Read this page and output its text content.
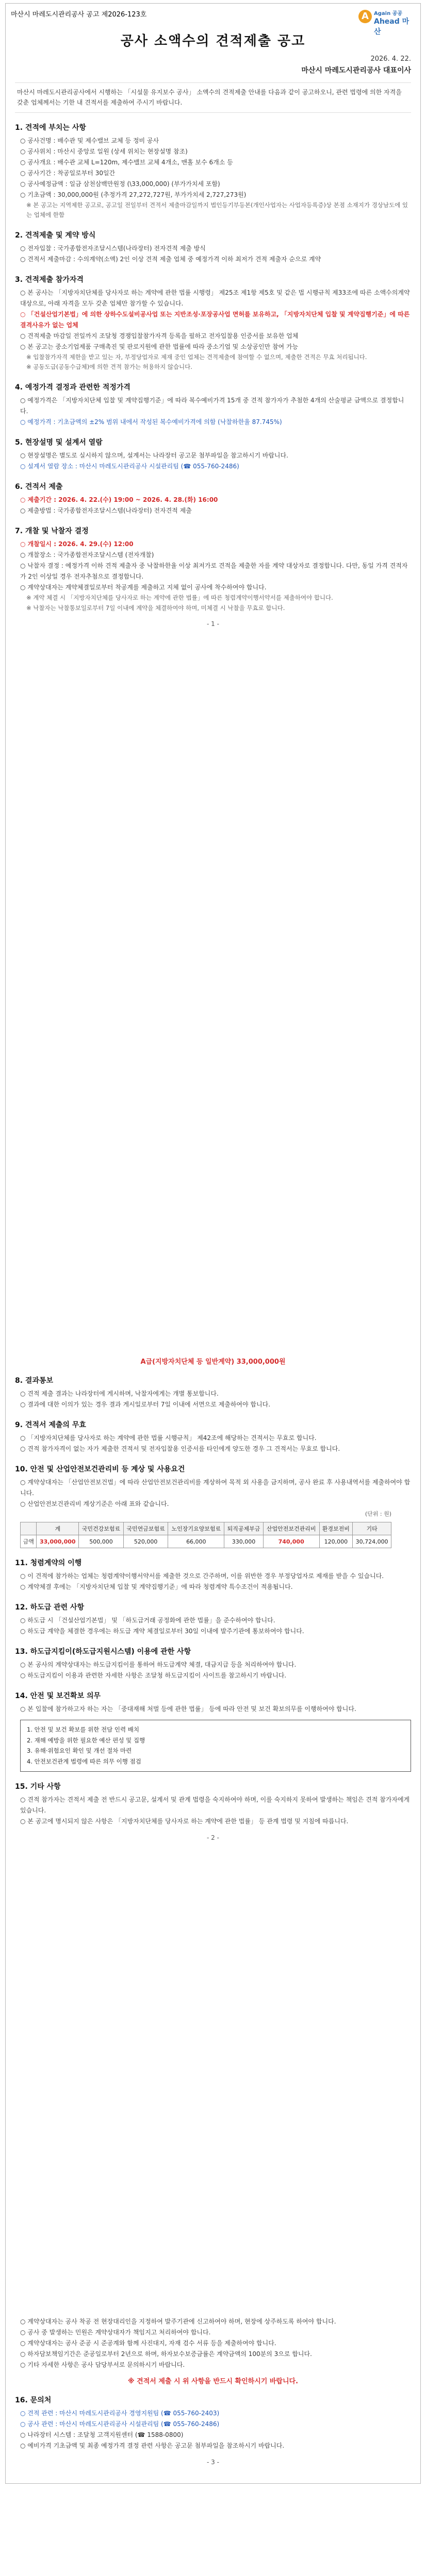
마산시 마레도시관리공사 공고 제2026-123호	A	Again 공공
Ahead 마산
공사 소액수의 견적제출 공고
2026. 4. 22.
마산시 마레도시관리공사 대표이사
마산시 마레도시관리공사에서 시행하는 「시설물 유지보수 공사」 소액수의 견적제출 안내를 다음과 같이 공고하오니, 관련 법령에 의한 자격을 갖춘 업체께서는 기한 내 견적서를 제출하여 주시기 바랍니다.
1. 견적에 부치는 사항
○ 공사건명 : 배수관 및 제수밸브 교체 등 정비 공사
○ 공사위치 : 마산시 중앙로 일원 (상세 위치는 현장설명 참조)
○ 공사개요 : 배수관 교체 L=120m, 제수밸브 교체 4개소, 맨홀 보수 6개소 등
○ 공사기간 : 착공일로부터 30일간
○ 공사예정금액 : 일금 삼천삼백만원정 (\33,000,000) (부가가치세 포함)
○ 기초금액 : 30,000,000원 (추정가격 27,272,727원, 부가가치세 2,727,273원)
※ 본 공고는 지역제한 공고로, 공고일 전일부터 견적서 제출마감일까지 법인등기부등본(개인사업자는 사업자등록증)상 본점 소재지가 경상남도에 있는 업체에 한함
2. 견적제출 및 계약 방식
○ 전자입찰 : 국가종합전자조달시스템(나라장터) 전자견적 제출 방식
○ 견적서 제출마감 : 수의계약(소액) 2인 이상 견적 제출 업체 중 예정가격 이하 최저가 견적 제출자 순으로 계약
3. 견적제출 참가자격
○ 본 공사는 「지방자치단체를 당사자로 하는 계약에 관한 법률 시행령」 제25조 제1항 제5호 및 같은 법 시행규칙 제33조에 따른 소액수의계약 대상으로, 아래 자격을 모두 갖춘 업체만 참가할 수 있습니다.
○ 「건설산업기본법」에 의한 상하수도설비공사업 또는 지반조성·포장공사업 면허를 보유하고, 「지방자치단체 입찰 및 계약집행기준」에 따른 결격사유가 없는 업체
○ 견적제출 마감일 전일까지 조달청 경쟁입찰참가자격 등록을 필하고 전자입찰용 인증서를 보유한 업체
○ 본 공고는 중소기업제품 구매촉진 및 판로지원에 관한 법률에 따라 중소기업 및 소상공인만 참여 가능
※ 입찰참가자격 제한을 받고 있는 자, 부정당업자로 제재 중인 업체는 견적제출에 참여할 수 없으며, 제출한 견적은 무효 처리됩니다.
※ 공동도급(공동수급체)에 의한 견적 참가는 허용하지 않습니다.
4. 예정가격 결정과 관련한 적정가격
○ 예정가격은 「지방자치단체 입찰 및 계약집행기준」에 따라 복수예비가격 15개 중 견적 참가자가 추첨한 4개의 산술평균 금액으로 결정합니다.
○ 예정가격 : 기초금액의 ±2% 범위 내에서 작성된 복수예비가격에 의함 (낙찰하한율 87.745%)
5. 현장설명 및 설계서 열람
○ 현장설명은 별도로 실시하지 않으며, 설계서는 나라장터 공고문 첨부파일을 참고하시기 바랍니다.
○ 설계서 열람 장소 : 마산시 마레도시관리공사 시설관리팀 (☎ 055-760-2486)
6. 견적서 제출
○ 제출기간 : 2026. 4. 22.(수) 19:00 ~ 2026. 4. 28.(화) 16:00
○ 제출방법 : 국가종합전자조달시스템(나라장터) 전자견적 제출
7. 개찰 및 낙찰자 결정
○ 개찰일시 : 2026. 4. 29.(수) 12:00
○ 개찰장소 : 국가종합전자조달시스템 (전자개찰)
○ 낙찰자 결정 : 예정가격 이하 견적 제출자 중 낙찰하한율 이상 최저가로 견적을 제출한 자를 계약 대상자로 결정합니다. 다만, 동일 가격 견적자가 2인 이상일 경우 전자추첨으로 결정합니다.
○ 계약상대자는 계약체결일로부터 착공계를 제출하고 지체 없이 공사에 착수하여야 합니다.
※ 계약 체결 시 「지방자치단체를 당사자로 하는 계약에 관한 법률」에 따른 청렴계약이행서약서를 제출하여야 합니다.
※ 낙찰자는 낙찰통보일로부터 7일 이내에 계약을 체결하여야 하며, 미체결 시 낙찰을 무효로 합니다.
- 1 -
A급(지방자치단체 등 일반계약) 33,000,000원
8. 결과통보
○ 견적 제출 결과는 나라장터에 게시하며, 낙찰자에게는 개별 통보합니다.
○ 결과에 대한 이의가 있는 경우 결과 게시일로부터 7일 이내에 서면으로 제출하여야 합니다.
9. 견적서 제출의 무효
○ 「지방자치단체를 당사자로 하는 계약에 관한 법률 시행규칙」 제42조에 해당하는 견적서는 무효로 합니다.
○ 견적 참가자격이 없는 자가 제출한 견적서 및 전자입찰용 인증서를 타인에게 양도한 경우 그 견적서는 무효로 합니다.
10. 안전 및 산업안전보건관리비 등 계상 및 사용요건
○ 계약상대자는 「산업안전보건법」에 따라 산업안전보건관리비를 계상하여 목적 외 사용을 금지하며, 공사 완료 후 사용내역서를 제출하여야 합니다.
○ 산업안전보건관리비 계상기준은 아래 표와 같습니다.
(단위 : 원)
	계	국민건강보험료	국민연금보험료	노인장기요양보험료	퇴직공제부금	산업안전보건관리비	환경보전비	기타
금액	33,000,000	500,000	520,000	66,000	330,000	740,000	120,000	30,724,000
11. 청렴계약의 이행
○ 이 견적에 참가하는 업체는 청렴계약이행서약서를 제출한 것으로 간주하며, 이를 위반한 경우 부정당업자로 제재를 받을 수 있습니다.
○ 계약체결 후에는 「지방자치단체 입찰 및 계약집행기준」에 따라 청렴계약 특수조건이 적용됩니다.
12. 하도급 관련 사항
○ 하도급 시 「건설산업기본법」 및 「하도급거래 공정화에 관한 법률」을 준수하여야 합니다.
○ 하도급 계약을 체결한 경우에는 하도급 계약 체결일로부터 30일 이내에 발주기관에 통보하여야 합니다.
13. 하도급지킴이(하도급지원시스템) 이용에 관한 사항
○ 본 공사의 계약상대자는 하도급지킴이를 통하여 하도급계약 체결, 대금지급 등을 처리하여야 합니다.
○ 하도급지킴이 이용과 관련한 자세한 사항은 조달청 하도급지킴이 사이트를 참고하시기 바랍니다.
14. 안전 및 보건확보 의무
○ 본 입찰에 참가하고자 하는 자는 「중대재해 처벌 등에 관한 법률」 등에 따라 안전 및 보건 확보의무를 이행하여야 합니다.
1. 안전 및 보건 확보를 위한 전담 인력 배치
2. 재해 예방을 위한 필요한 예산 편성 및 집행
3. 유해·위험요인 확인 및 개선 절차 마련
4. 안전보건관계 법령에 따른 의무 이행 점검
15. 기타 사항
○ 견적 참가자는 견적서 제출 전 반드시 공고문, 설계서 및 관계 법령을 숙지하여야 하며, 이를 숙지하지 못하여 발생하는 책임은 견적 참가자에게 있습니다.
○ 본 공고에 명시되지 않은 사항은 「지방자치단체를 당사자로 하는 계약에 관한 법률」 등 관계 법령 및 지침에 따릅니다.
- 2 -
○ 계약상대자는 공사 착공 전 현장대리인을 지정하여 발주기관에 신고하여야 하며, 현장에 상주하도록 하여야 합니다.
○ 공사 중 발생하는 민원은 계약상대자가 책임지고 처리하여야 합니다.
○ 계약상대자는 공사 준공 시 준공계와 함께 사진대지, 자재 검수 서류 등을 제출하여야 합니다.
○ 하자담보책임기간은 준공일로부터 2년으로 하며, 하자보수보증금률은 계약금액의 100분의 3으로 합니다.
○ 기타 자세한 사항은 공사 담당부서로 문의하시기 바랍니다.
※ 견적서 제출 시 위 사항을 반드시 확인하시기 바랍니다.
16. 문의처
○ 견적 관련 : 마산시 마레도시관리공사 경영지원팀 (☎ 055-760-2403)
○ 공사 관련 : 마산시 마레도시관리공사 시설관리팀 (☎ 055-760-2486)
○ 나라장터 시스템 : 조달청 고객지원센터 (☎ 1588-0800)
○ 예비가격 기초금액 및 최종 예정가격 결정 관련 사항은 공고문 첨부파일을 참조하시기 바랍니다.
- 3 -
